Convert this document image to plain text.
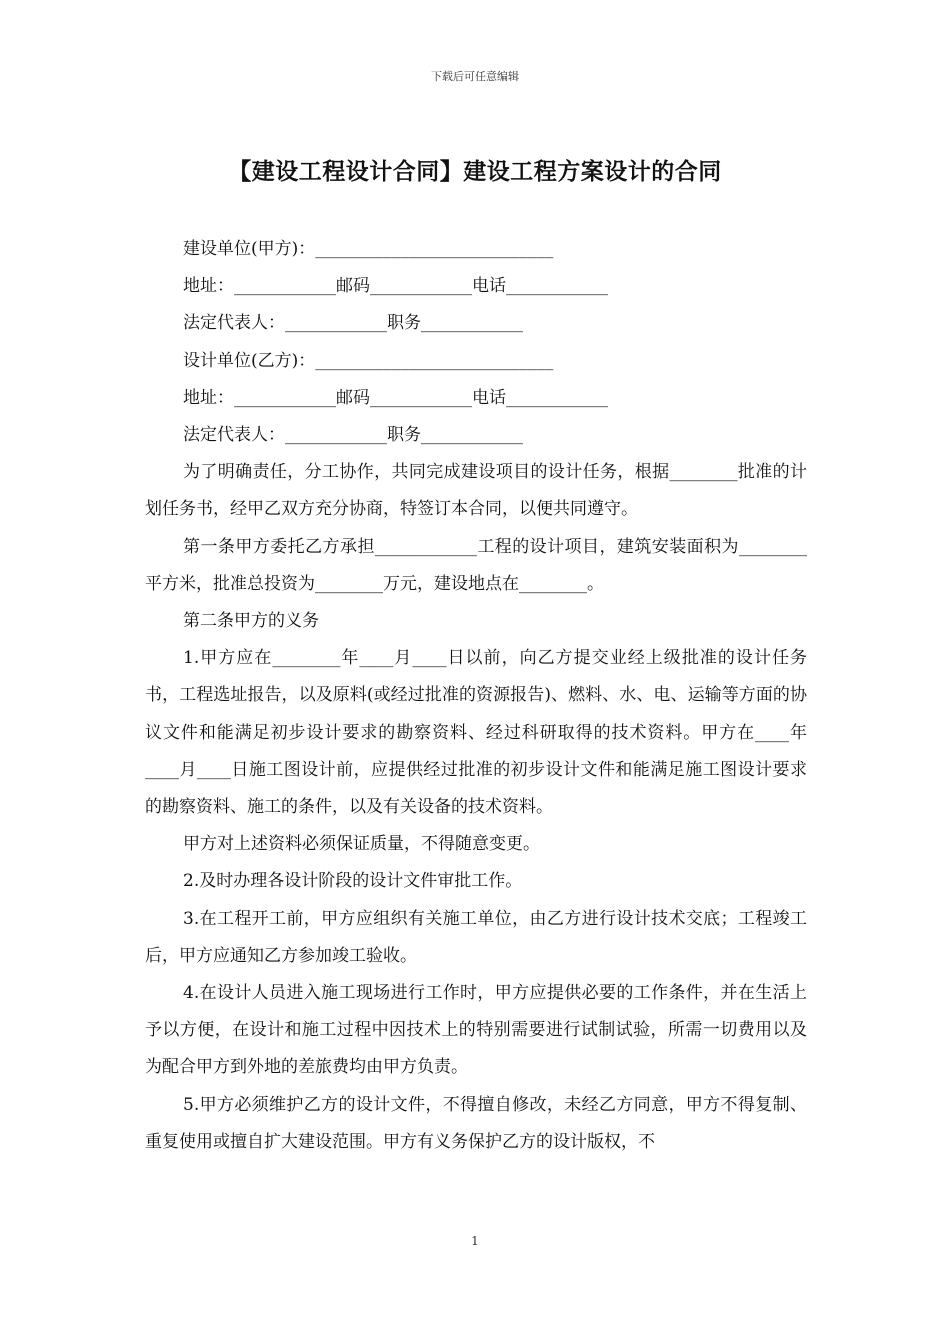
下载后可任意编辑
【建设工程设计合同】建设工程方案设计的合同

建设单位(甲方)：____________________________

地址：____________邮码____________电话____________

法定代表人：____________职务____________

设计单位(乙方)：____________________________

地址：____________邮码____________电话____________

法定代表人：____________职务____________

为了明确责任，分工协作，共同完成建设项目的设计任务，根据________批准的计划任务书，经甲乙双方充分协商，特签订本合同，以便共同遵守。

第一条甲方委托乙方承担____________工程的设计项目，建筑安装面积为________平方米，批准总投资为________万元，建设地点在________。

第二条甲方的义务

1.甲方应在________年____月____日以前，向乙方提交业经上级批准的设计任务书，工程选址报告，以及原料(或经过批准的资源报告)、燃料、水、电、运输等方面的协议文件和能满足初步设计要求的勘察资料、经过科研取得的技术资料。甲方在____年____月____日施工图设计前，应提供经过批准的初步设计文件和能满足施工图设计要求的勘察资料、施工的条件，以及有关设备的技术资料。

甲方对上述资料必须保证质量，不得随意变更。

2.及时办理各设计阶段的设计文件审批工作。

3.在工程开工前，甲方应组织有关施工单位，由乙方进行设计技术交底；工程竣工后，甲方应通知乙方参加竣工验收。

4.在设计人员进入施工现场进行工作时，甲方应提供必要的工作条件，并在生活上予以方便，在设计和施工过程中因技术上的特别需要进行试制试验，所需一切费用以及为配合甲方到外地的差旅费均由甲方负责。

5.甲方必须维护乙方的设计文件，不得擅自修改，未经乙方同意，甲方不得复制、重复使用或擅自扩大建设范围。甲方有义务保护乙方的设计版权，不

1
